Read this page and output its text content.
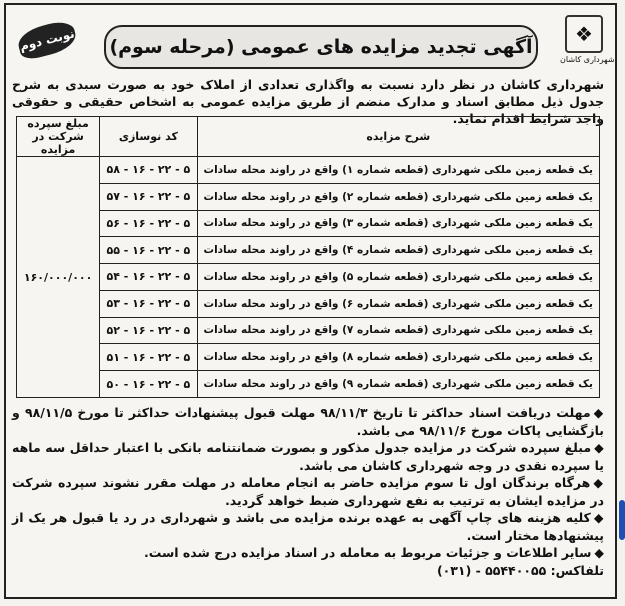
نوبت دوم آگهی تجدید مزایده های عمومی (مرحله سوم)
❖
شهرداری کاشان
شهرداری کاشان در نظر دارد نسبت به واگذاری تعدادی از املاک خود به صورت سبدی به شرح جدول ذیل مطابق اسناد و مدارک منضم از طریق مزایده عمومی به اشخاص حقیقی و حقوقی واجد شرایط اقدام نماید.
شرح مزایده	کد نوسازی	مبلغ سپرده شرکت در مزایده
یک قطعه زمین ملکی شهرداری (قطعه شماره ۱) واقع در راوند محله سادات	۵ - ۲۲ - ۱۶ - ۵۸	۱۶۰/۰۰۰/۰۰۰
یک قطعه زمین ملکی شهرداری (قطعه شماره ۲) واقع در راوند محله سادات	۵ - ۲۲ - ۱۶ - ۵۷	
یک قطعه زمین ملکی شهرداری (قطعه شماره ۳) واقع در راوند محله سادات	۵ - ۲۲ - ۱۶ - ۵۶	
یک قطعه زمین ملکی شهرداری (قطعه شماره ۴) واقع در راوند محله سادات	۵ - ۲۲ - ۱۶ - ۵۵	
یک قطعه زمین ملکی شهرداری (قطعه شماره ۵) واقع در راوند محله سادات	۵ - ۲۲ - ۱۶ - ۵۴	
یک قطعه زمین ملکی شهرداری (قطعه شماره ۶) واقع در راوند محله سادات	۵ - ۲۲ - ۱۶ - ۵۳	
یک قطعه زمین ملکی شهرداری (قطعه شماره ۷) واقع در راوند محله سادات	۵ - ۲۲ - ۱۶ - ۵۲	
یک قطعه زمین ملکی شهرداری (قطعه شماره ۸) واقع در راوند محله سادات	۵ - ۲۲ - ۱۶ - ۵۱	
یک قطعه زمین ملکی شهرداری (قطعه شماره ۹) واقع در راوند محله سادات	۵ - ۲۲ - ۱۶ - ۵۰	

◆مهلت دریافت اسناد حداکثر تا تاریخ ۹۸/۱۱/۳ مهلت قبول پیشنهادات حداکثر تا مورخ ۹۸/۱۱/۵ و بازگشایی پاکات مورخ ۹۸/۱۱/۶ می باشد.

◆مبلغ سپرده شرکت در مزایده جدول مذکور و بصورت ضمانتنامه بانکی با اعتبار حداقل سه ماهه یا سپرده نقدی در وجه شهرداری کاشان می باشد.

◆هرگاه برندگان اول تا سوم مزایده حاضر به انجام معامله در مهلت مقرر نشوند سپرده شرکت در مزایده ایشان به ترتیب به نفع شهرداری ضبط خواهد گردید.

◆کلیه هزینه های چاپ آگهی به عهده برنده مزایده می باشد و شهرداری در رد یا قبول هر یک از پیشنهادها مختار است.

◆سایر اطلاعات و جزئیات مربوط به معامله در اسناد مزایده درج شده است.

تلفاکس: ۵۵۴۴۰۰۵۵ - (۰۳۱)
